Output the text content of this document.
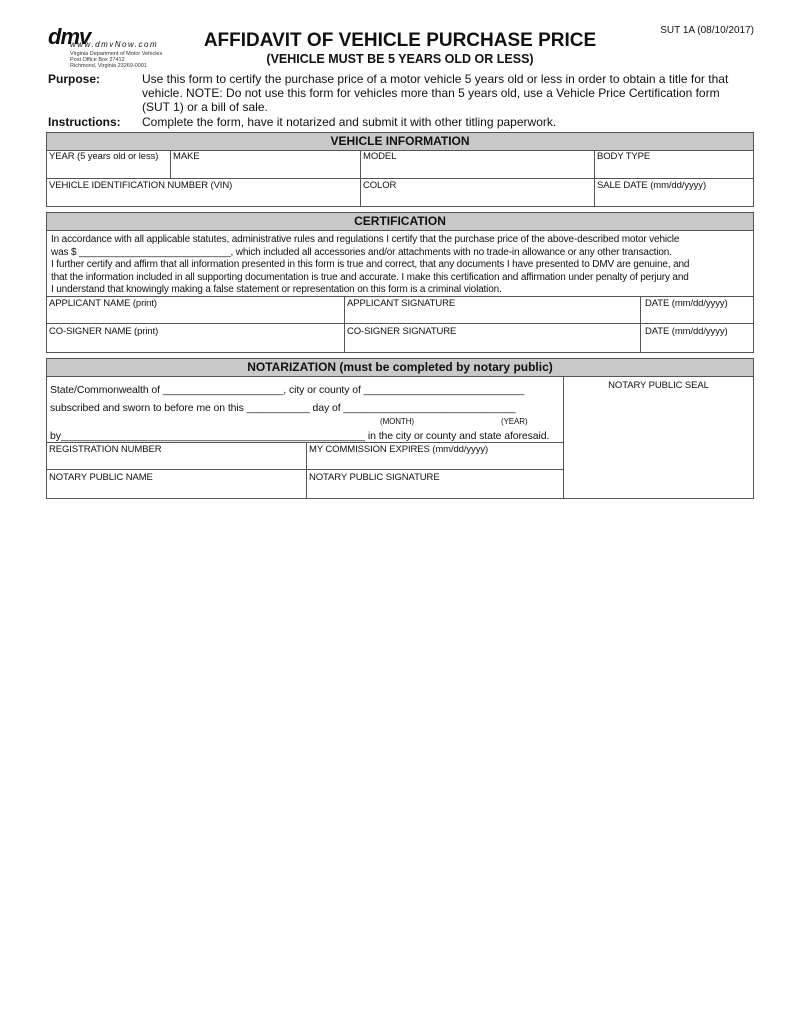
dmv
www.dmvNow.com
Virginia Department of Motor Vehicles
Post Office Box 27412
Richmond, Virginia 23269-0001
AFFIDAVIT OF VEHICLE PURCHASE PRICE
(VEHICLE MUST BE 5 YEARS OLD OR LESS)
SUT 1A (08/10/2017)
Purpose:	Use this form to certify the purchase price of a motor vehicle 5 years old or less in order to obtain a title for that
vehicle. NOTE: Do not use this form for vehicles more than 5 years old, use a Vehicle Price Certification form
(SUT 1) or a bill of sale.
Instructions: Complete the form, have it notarized and submit it with other titling paperwork.
VEHICLE INFORMATION
YEAR (5 years old or less)	MAKE	MODEL	BODY TYPE
VEHICLE IDENTIFICATION NUMBER (VIN)	COLOR	SALE DATE (mm/dd/yyyy)
CERTIFICATION
In accordance with all applicable statutes, administrative rules and regulations I certify that the purchase price of the above-described motor vehicle
was $ ____________________________, which included all accessories and/or attachments with no trade-in allowance or any other transaction.
I further certify and affirm that all information presented in this form is true and correct, that any documents I have presented to DMV are genuine, and
that the information included in all supporting documentation is true and accurate. I make this certification and affirmation under penalty of perjury and
I understand that knowingly making a false statement or representation on this form is a criminal violation.
APPLICANT NAME (print)	APPLICANT SIGNATURE	DATE (mm/dd/yyyy)
CO-SIGNER NAME (print)	CO-SIGNER SIGNATURE	DATE (mm/dd/yyyy)
NOTARIZATION (must be completed by notary public)
State/Commonwealth of _____________________, city or county of ____________________________
subscribed and sworn to before me on this ___________ day of ______________________________
(MONTH)	(YEAR)
by_____________________________________________________ in the city or county and state aforesaid.
NOTARY PUBLIC SEAL
REGISTRATION NUMBER	MY COMMISSION EXPIRES (mm/dd/yyyy)
NOTARY PUBLIC NAME	NOTARY PUBLIC SIGNATURE
